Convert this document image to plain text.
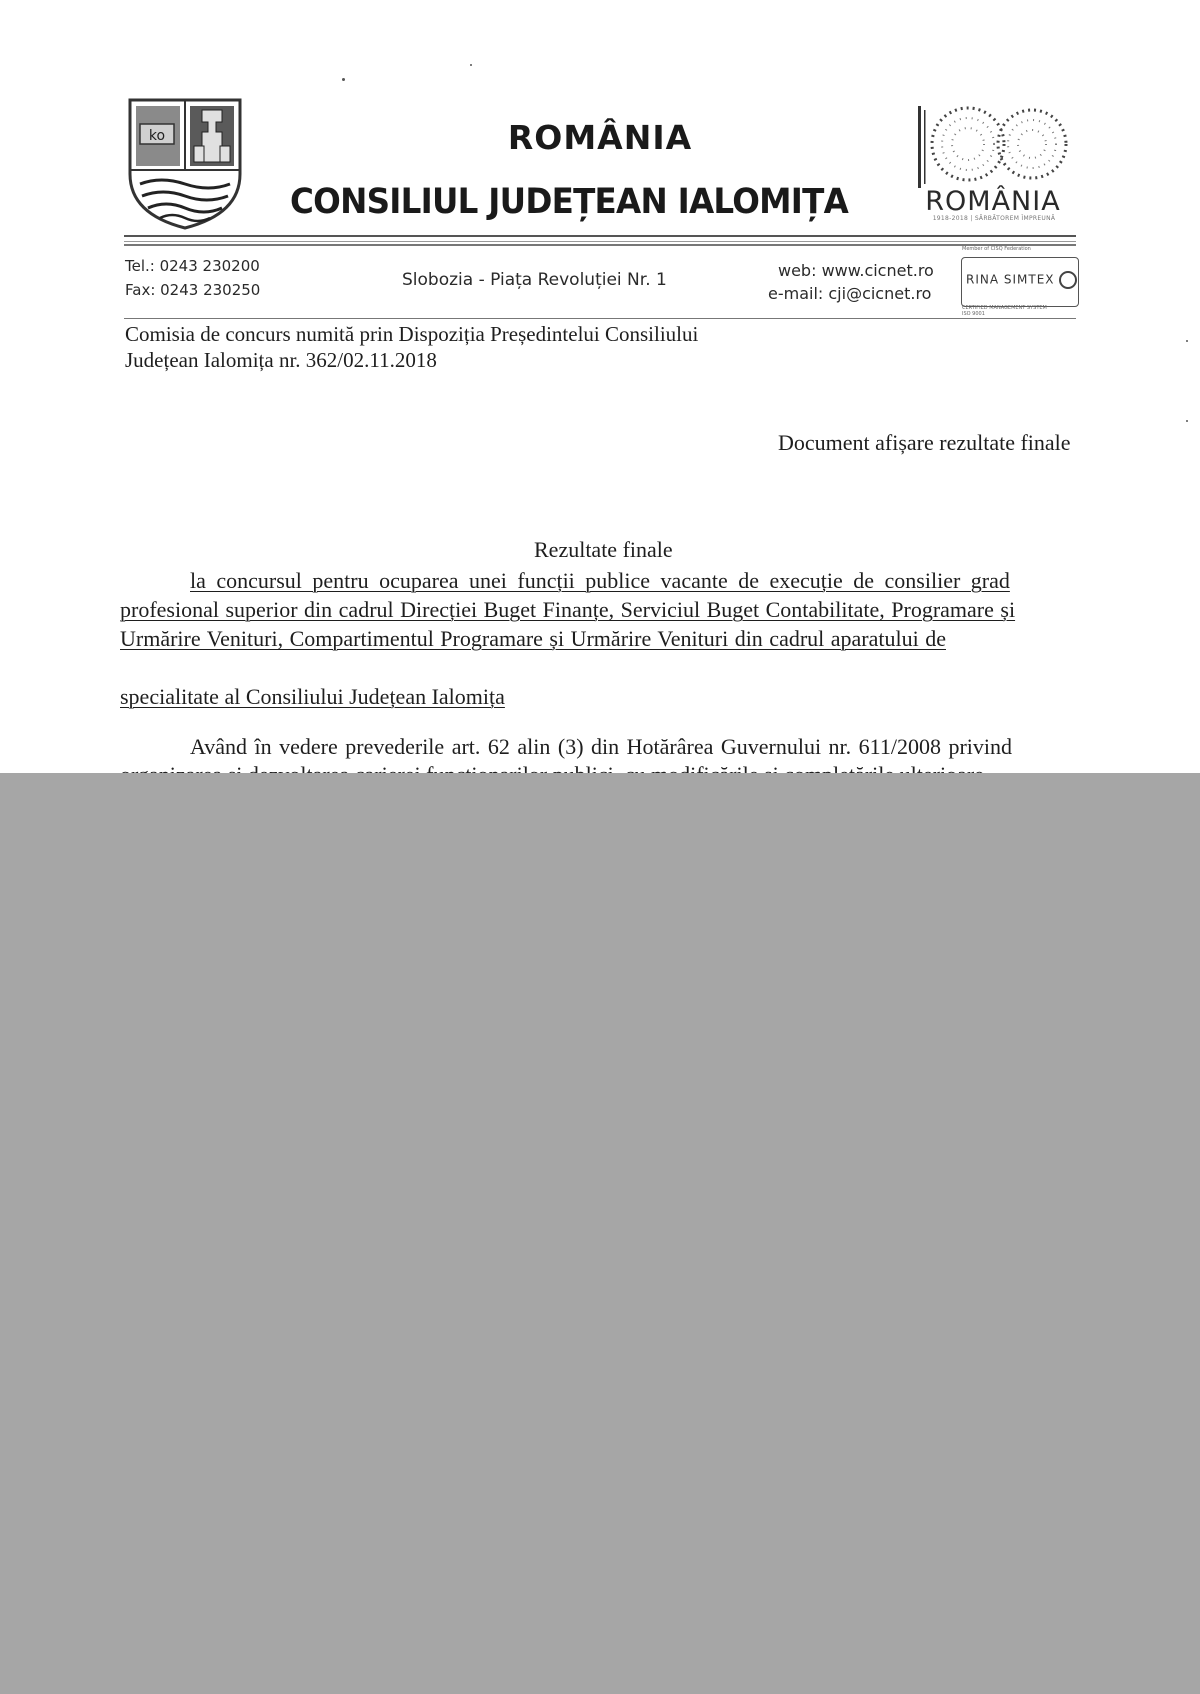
ko	ROMÂNIA
CONSILIUL JUDEȚEAN IALOMIȚA	ROMÂNIA
1918-2018 | SĂRBĂTOREM ÎMPREUNĂ
Tel.: 0243 230200
Fax: 0243 230250	Slobozia - Piața Revoluției Nr. 1	web: www.cicnet.ro
e-mail: cji@cicnet.ro
Member of CISQ Federation
RINA SIMTEX
CERTIFIED MANAGEMENT SYSTEM
ISO 9001
Comisia de concurs numită prin Dispoziția Președintelui Consiliului
Județean Ialomița nr. 362/02.11.2018
Document afișare rezultate finale
Rezultate finale
la concursul pentru ocuparea unei funcții publice vacante de execuție de consilier grad
profesional superior din cadrul Direcției Buget Finanțe, Serviciul Buget Contabilitate, Programare și
Urmărire Venituri, Compartimentul Programare și Urmărire Venituri din cadrul aparatului de
specialitate al Consiliului Județean Ialomița
Având în vedere prevederile art. 62 alin (3) din Hotărârea Guvernului nr. 611/2008 privind
